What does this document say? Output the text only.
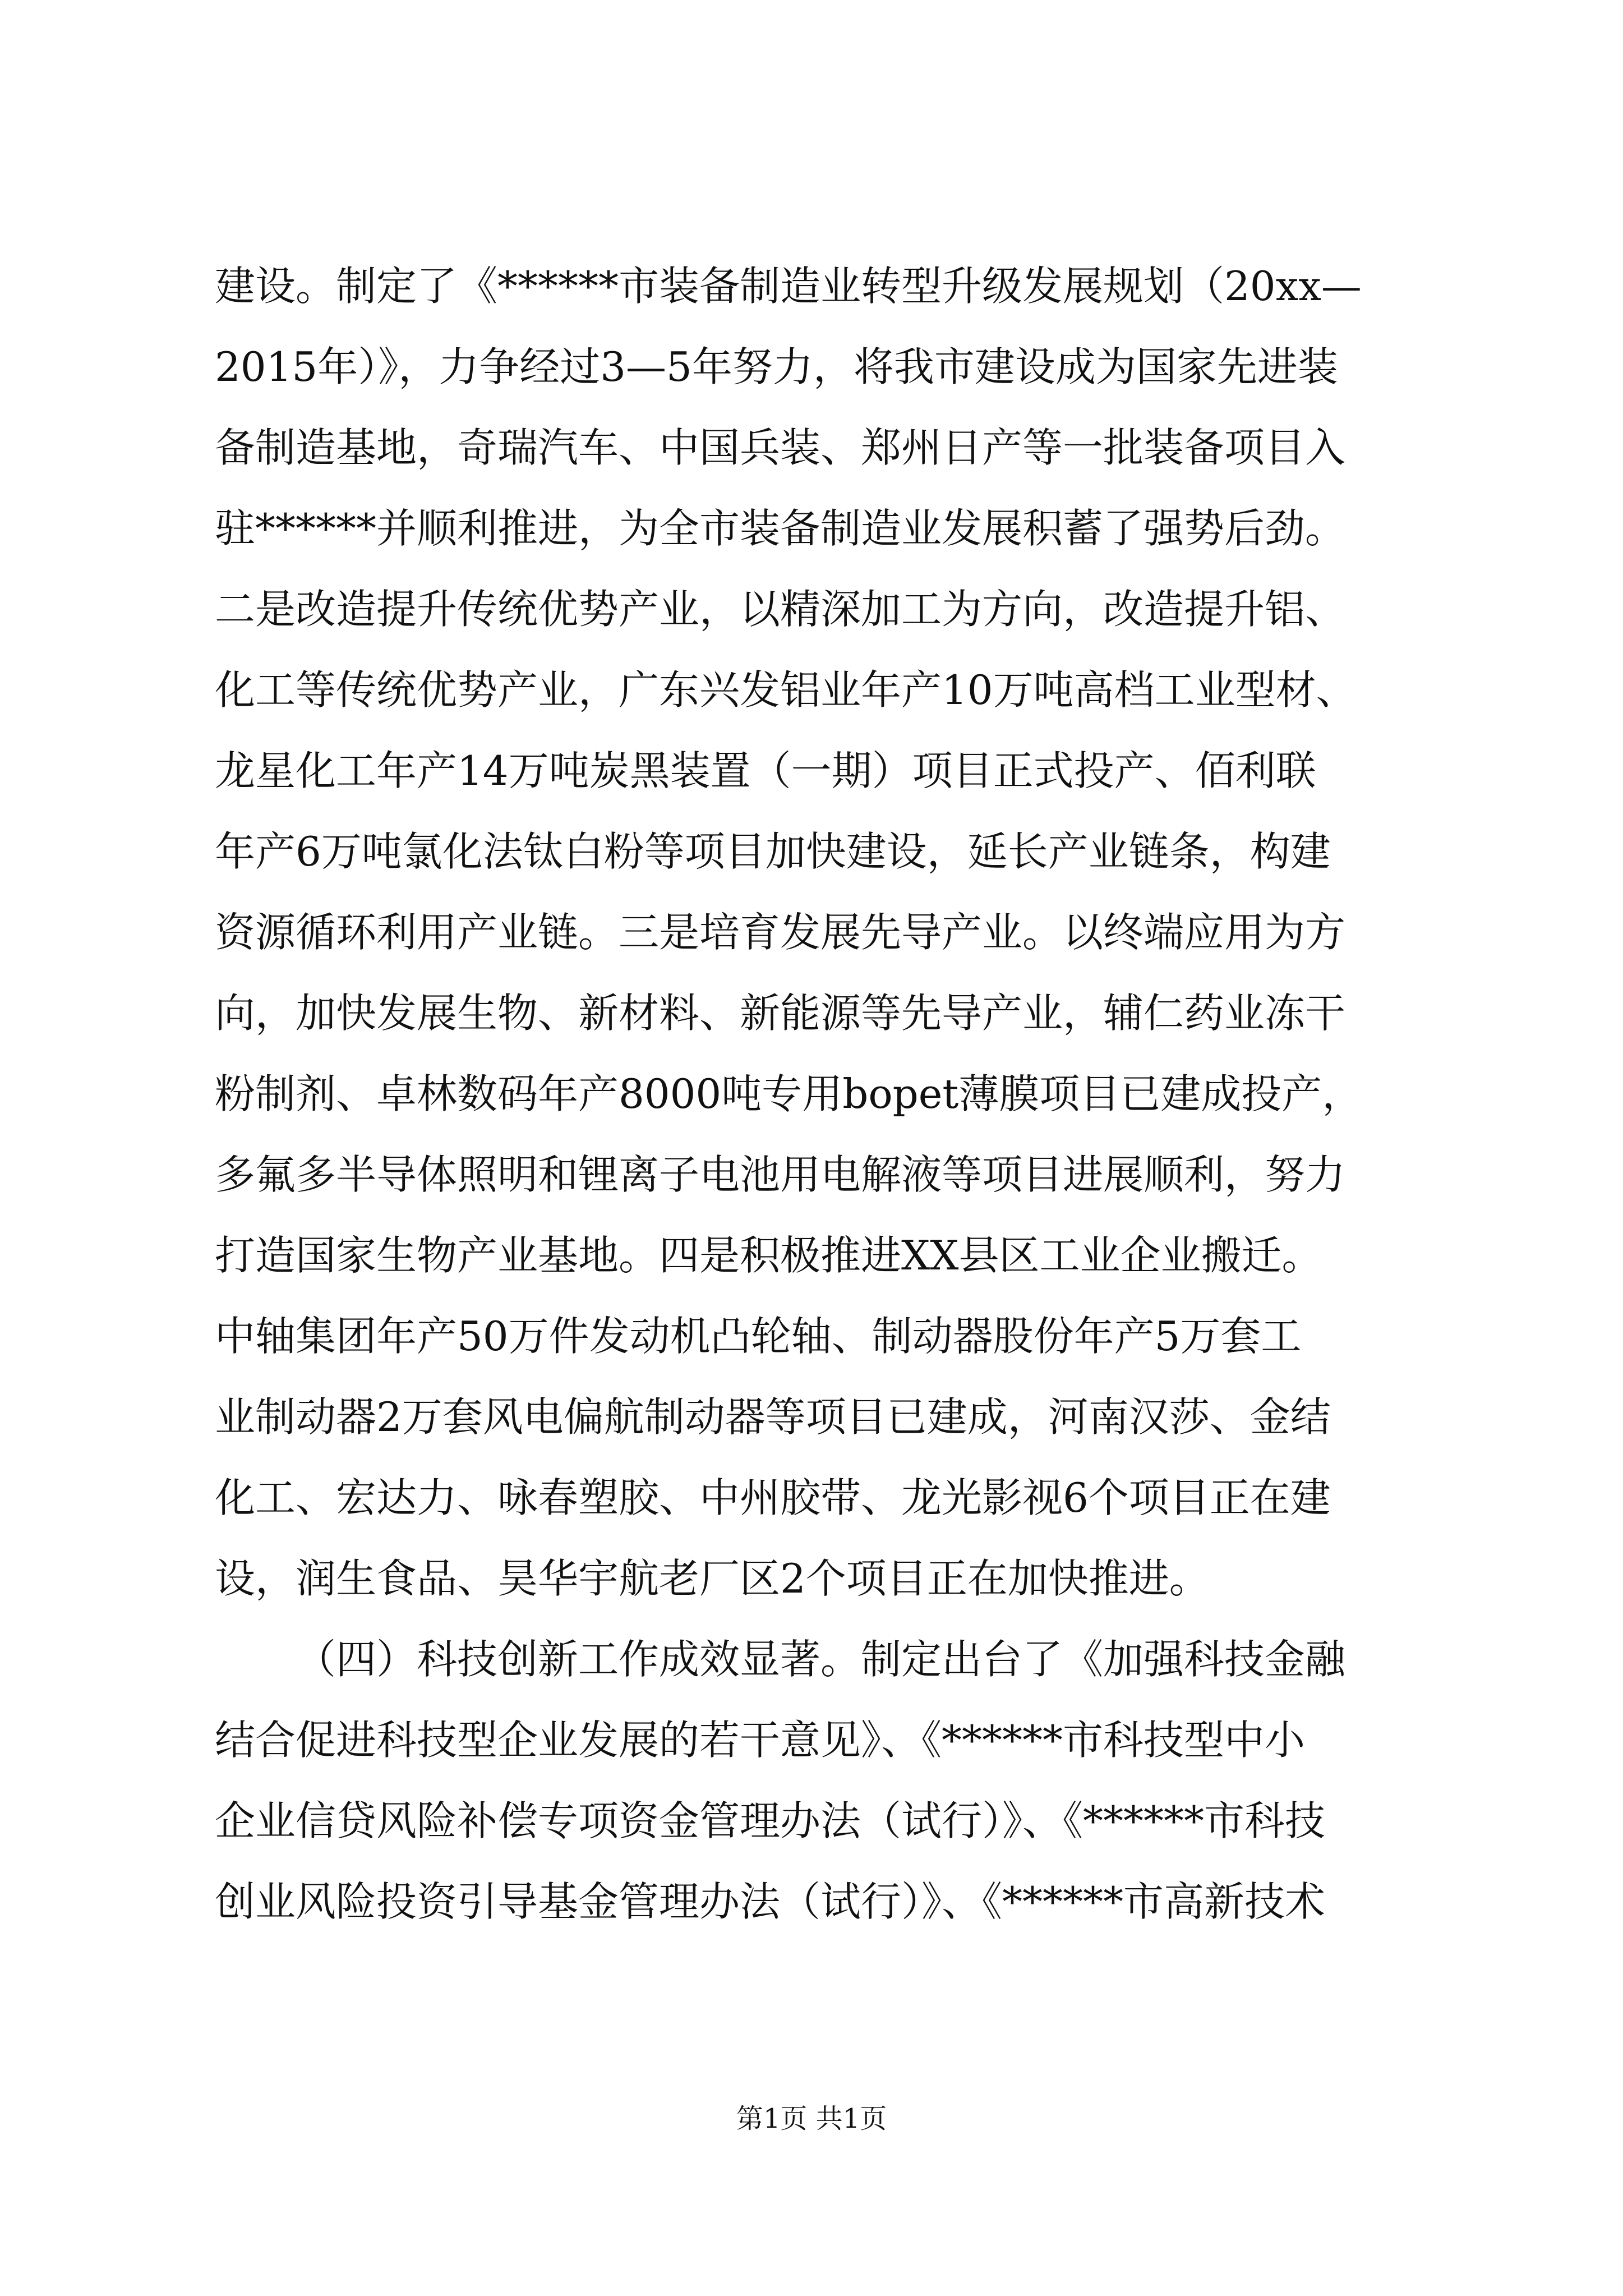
建设。制定了《******市装备制造业转型升级发展规划（20xx—
2015年）》，力争经过3—5年努力，将我市建设成为国家先进装
备制造基地，奇瑞汽车、中国兵装、郑州日产等一批装备项目入
驻******并顺利推进，为全市装备制造业发展积蓄了强势后劲。
二是改造提升传统优势产业，以精深加工为方向，改造提升铝、
化工等传统优势产业，广东兴发铝业年产10万吨高档工业型材、
龙星化工年产14万吨炭黑装置（一期）项目正式投产、佰利联
年产6万吨氯化法钛白粉等项目加快建设，延长产业链条，构建
资源循环利用产业链。三是培育发展先导产业。以终端应用为方
向，加快发展生物、新材料、新能源等先导产业，辅仁药业冻干
粉制剂、卓林数码年产8000吨专用bopet薄膜项目已建成投产，
多氟多半导体照明和锂离子电池用电解液等项目进展顺利，努力
打造国家生物产业基地。四是积极推进XX县区工业企业搬迁。
中轴集团年产50万件发动机凸轮轴、制动器股份年产5万套工
业制动器2万套风电偏航制动器等项目已建成，河南汉莎、金结
化工、宏达力、咏春塑胶、中州胶带、龙光影视6个项目正在建
设，润生食品、昊华宇航老厂区2个项目正在加快推进。
（四）科技创新工作成效显著。制定出台了《加强科技金融
结合促进科技型企业发展的若干意见》、《******市科技型中小
企业信贷风险补偿专项资金管理办法（试行）》、《******市科技
创业风险投资引导基金管理办法（试行）》、《******市高新技术
第1页 共1页
